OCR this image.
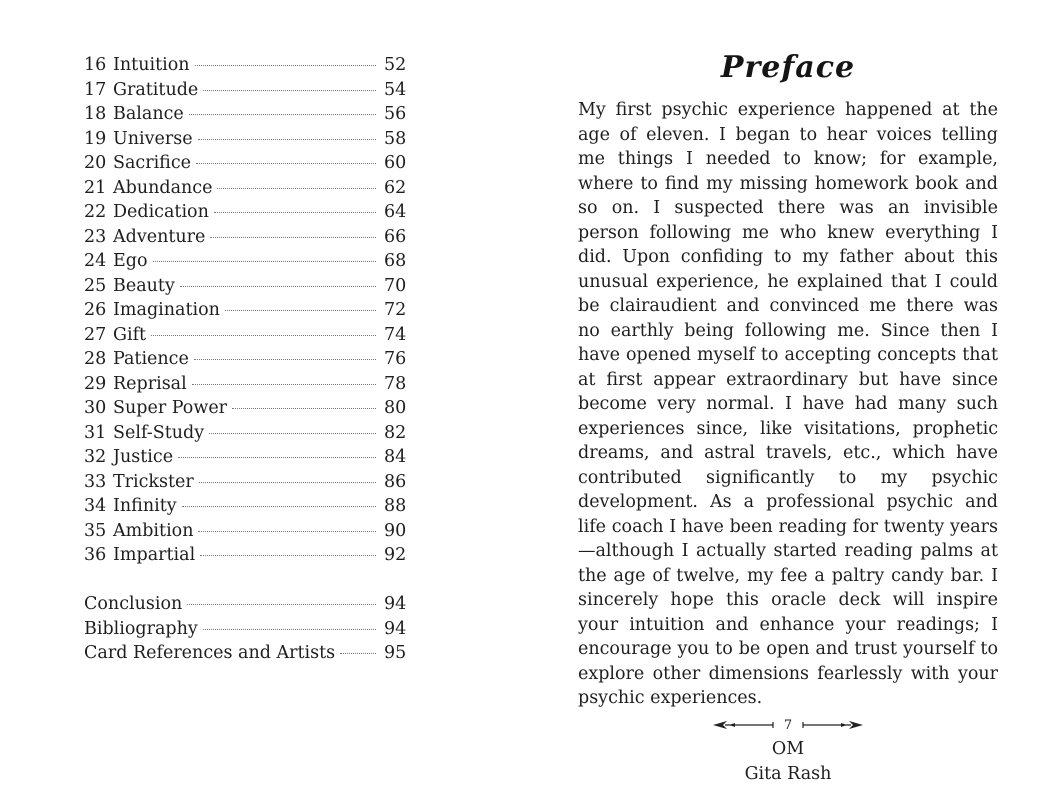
16 Intuition	52
17 Gratitude	54
18 Balance	56
19 Universe	58
20 Sacrifice	60
21 Abundance	62
22 Dedication	64
23 Adventure	66
24 Ego	68
25 Beauty	70
26 Imagination	72
27 Gift	74
28 Patience	76
29 Reprisal	78
30 Super Power	80
31 Self-Study	82
32 Justice	84
33 Trickster	86
34 Infinity	88
35 Ambition	90
36 Impartial	92
Conclusion	94
Bibliography	94
Card References and Artists	95
Preface

My first psychic experience happened at the age of eleven. I began to hear voices telling me things I needed to know; for example, where to find my missing homework book and so on. I suspected there was an invisible person following me who knew everything I did. Upon confiding to my father about this unusual experience, he explained that I could be clairaudient and convinced me there was no earthly being following me. Since then I have opened myself to accepting concepts that at first appear extraordinary but have since become very normal. I have had many such experiences since, like visitations, prophetic dreams, and astral travels, etc., which have contributed significantly to my psychic development. As a professional psychic and life coach I have been reading for twenty years—although I actually started reading palms at the age of twelve, my fee a paltry candy bar. I sincerely hope this oracle deck will inspire your intuition and enhance your readings; I encourage you to be open and trust yourself to explore other dimensions fearlessly with your psychic experiences.

OM
Gita Rash
7
